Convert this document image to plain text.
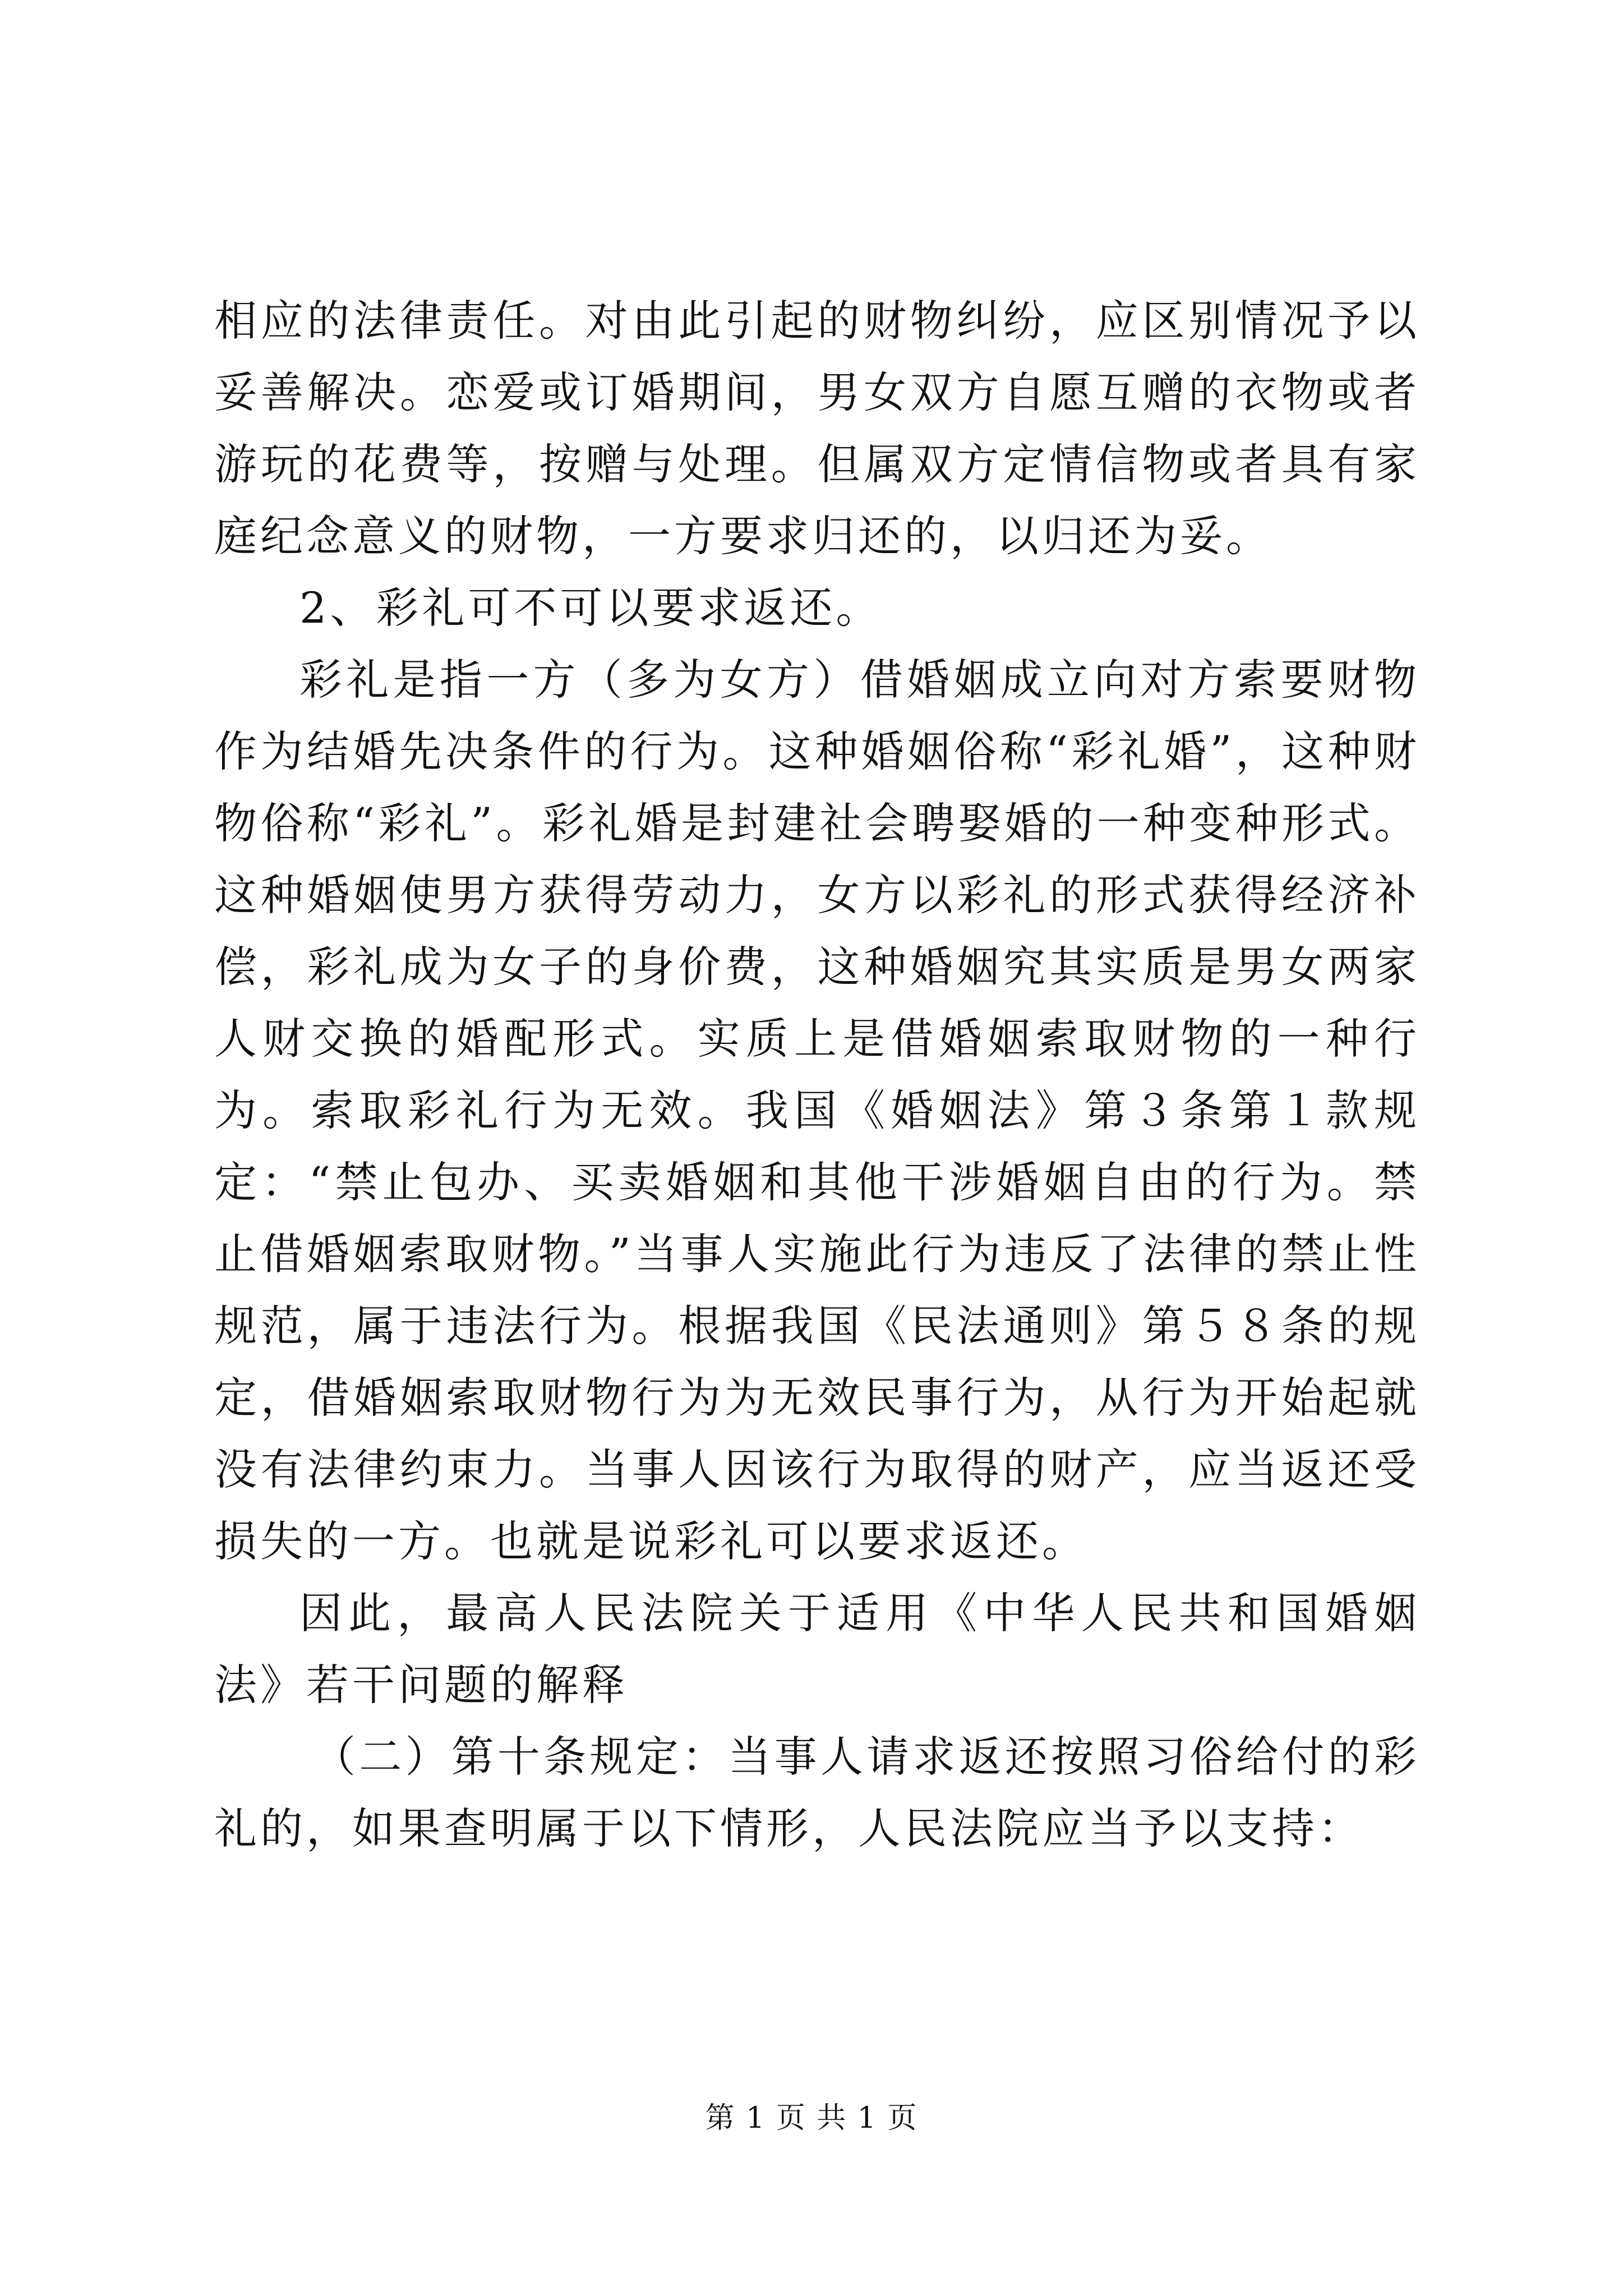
相应的法律责任。对由此引起的财物纠纷，应区别情况予以妥善解决。恋爱或订婚期间，男女双方自愿互赠的衣物或者游玩的花费等，按赠与处理。但属双方定情信物或者具有家庭纪念意义的财物，一方要求归还的，以归还为妥。

2、彩礼可不可以要求返还。

彩礼是指一方（多为女方）借婚姻成立向对方索要财物作为结婚先决条件的行为。这种婚姻俗称“彩礼婚”，这种财物俗称“彩礼”。彩礼婚是封建社会聘娶婚的一种变种形式。这种婚姻使男方获得劳动力，女方以彩礼的形式获得经济补偿，彩礼成为女子的身价费，这种婚姻究其实质是男女两家人财交换的婚配形式。实质上是借婚姻索取财物的一种行为。索取彩礼行为无效。我国《婚姻法》第３条第１款规定：“禁止包办、买卖婚姻和其他干涉婚姻自由的行为。禁止借婚姻索取财物。”当事人实施此行为违反了法律的禁止性规范，属于违法行为。根据我国《民法通则》第５８条的规定，借婚姻索取财物行为为无效民事行为，从行为开始起就没有法律约束力。当事人因该行为取得的财产，应当返还受损失的一方。也就是说彩礼可以要求返还。

因此，最高人民法院关于适用《中华人民共和国婚姻法》若干问题的解释

（二）第十条规定：当事人请求返还按照习俗给付的彩礼的，如果查明属于以下情形，人民法院应当予以支持：

第 1 页 共 1 页
